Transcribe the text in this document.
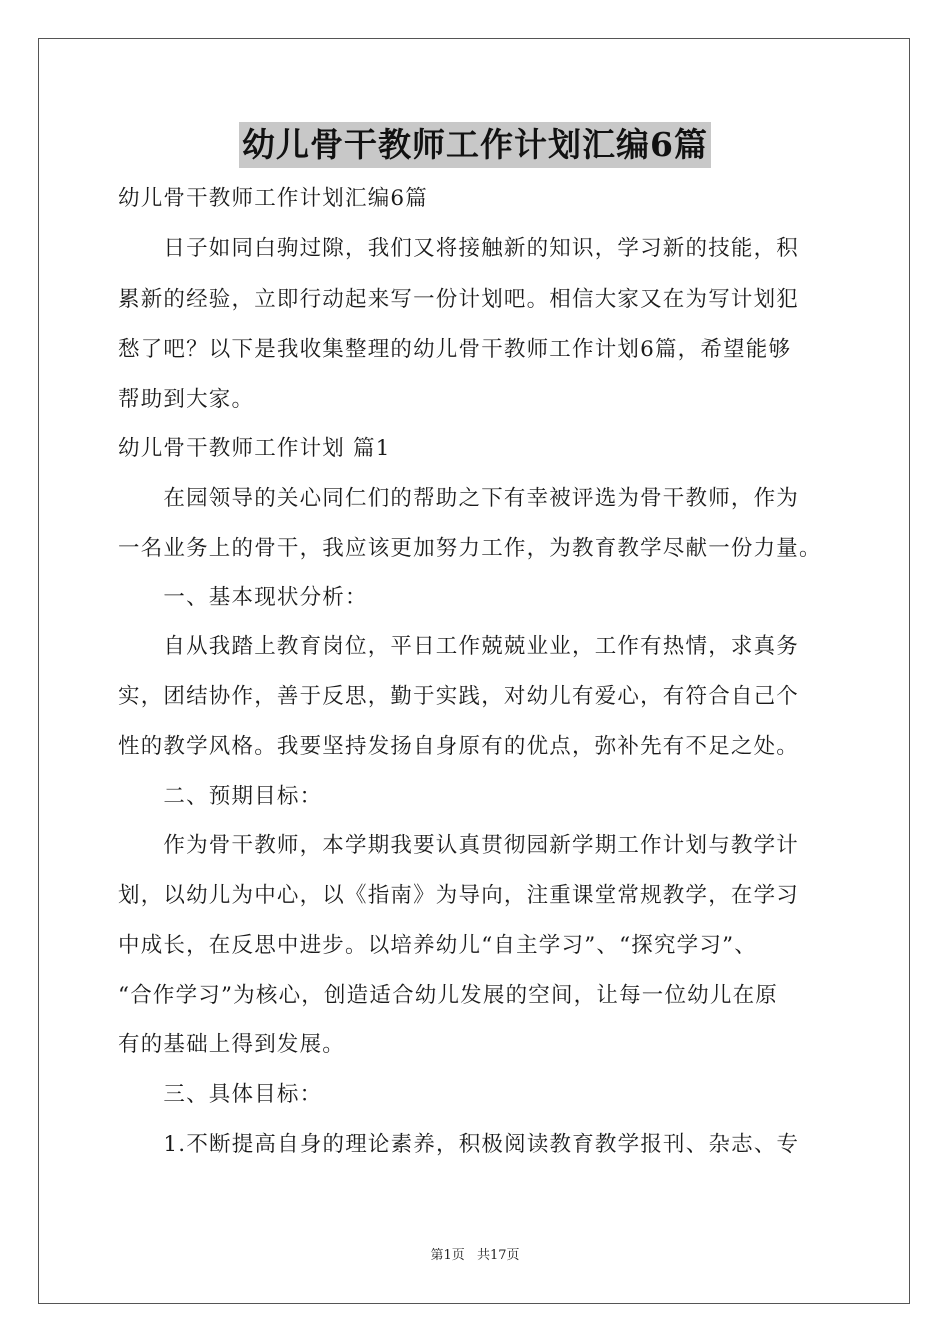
幼儿骨干教师工作计划汇编6篇
幼儿骨干教师工作计划汇编6篇
　　日子如同白驹过隙，我们又将接触新的知识，学习新的技能，积
累新的经验，立即行动起来写一份计划吧。相信大家又在为写计划犯
愁了吧？以下是我收集整理的幼儿骨干教师工作计划6篇，希望能够
帮助到大家。
幼儿骨干教师工作计划 篇1
　　在园领导的关心同仁们的帮助之下有幸被评选为骨干教师，作为
一名业务上的骨干，我应该更加努力工作，为教育教学尽献一份力量。
　　一、基本现状分析：
　　自从我踏上教育岗位，平日工作兢兢业业，工作有热情，求真务
实，团结协作，善于反思，勤于实践，对幼儿有爱心，有符合自己个
性的教学风格。我要坚持发扬自身原有的优点，弥补先有不足之处。
　　二、预期目标：
　　作为骨干教师，本学期我要认真贯彻园新学期工作计划与教学计
划，以幼儿为中心，以《指南》为导向，注重课堂常规教学，在学习
中成长，在反思中进步。以培养幼儿“自主学习”、“探究学习”、
“合作学习”为核心，创造适合幼儿发展的空间，让每一位幼儿在原
有的基础上得到发展。
　　三、具体目标：
　　1.不断提高自身的理论素养，积极阅读教育教学报刊、杂志、专
第1页 共17页
